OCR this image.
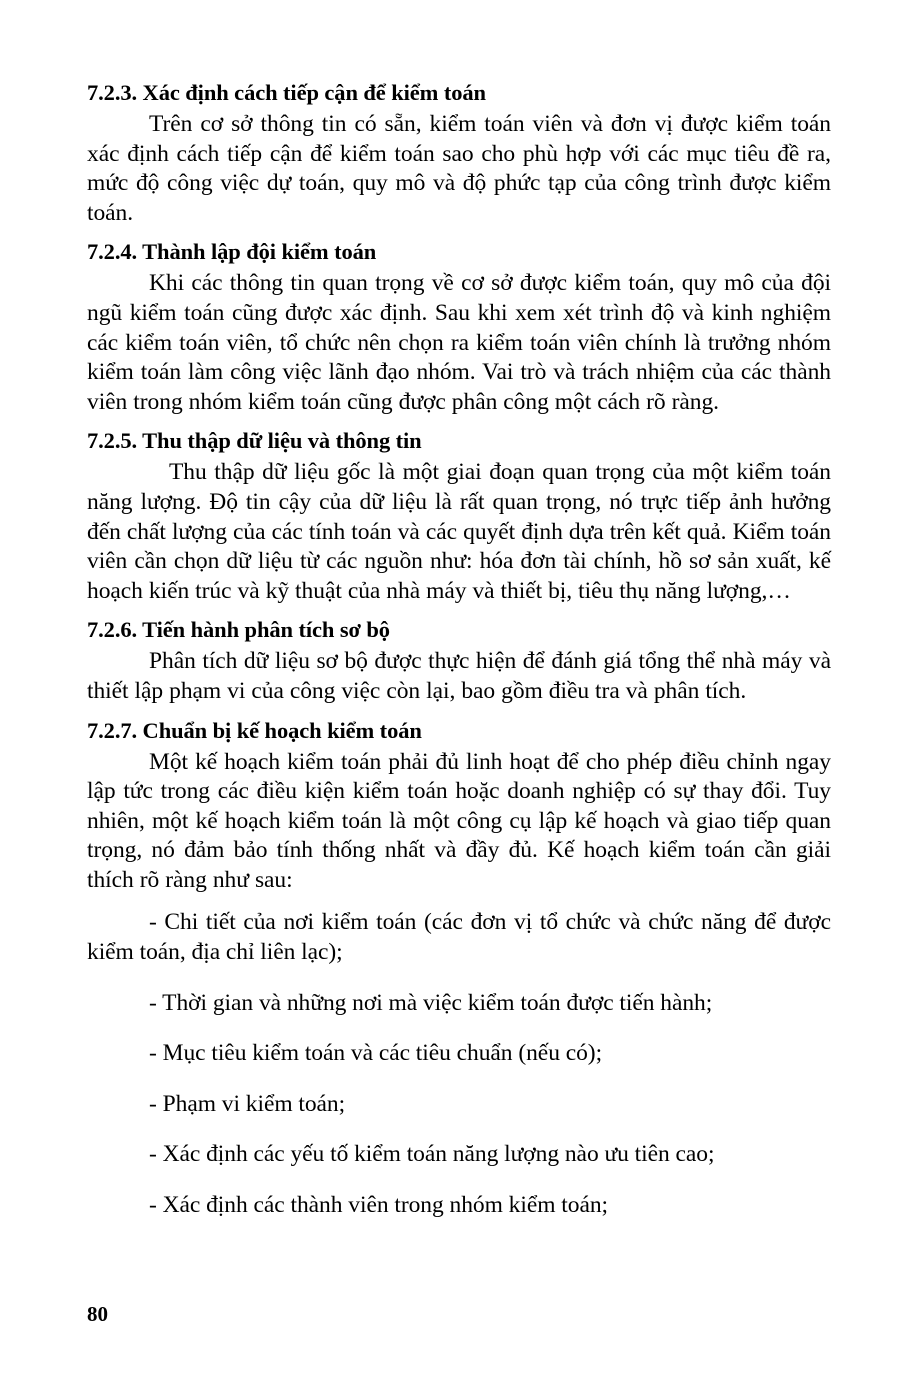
7.2.3. Xác định cách tiếp cận để kiểm toán

Trên cơ sở thông tin có sẵn, kiểm toán viên và đơn vị được kiểm toán xác định cách tiếp cận để kiểm toán sao cho phù hợp với các mục tiêu đề ra, mức độ công việc dự toán, quy mô và độ phức tạp của công trình được kiểm toán.

7.2.4. Thành lập đội kiểm toán

Khi các thông tin quan trọng về cơ sở được kiểm toán, quy mô của đội ngũ kiểm toán cũng được xác định. Sau khi xem xét trình độ và kinh nghiệm các kiểm toán viên, tổ chức nên chọn ra kiểm toán viên chính là trưởng nhóm kiểm toán làm công việc lãnh đạo nhóm. Vai trò và trách nhiệm của các thành viên trong nhóm kiểm toán cũng được phân công một cách rõ ràng.

7.2.5. Thu thập dữ liệu và thông tin

Thu thập dữ liệu gốc là một giai đoạn quan trọng của một kiểm toán năng lượng. Độ tin cậy của dữ liệu là rất quan trọng, nó trực tiếp ảnh hưởng đến chất lượng của các tính toán và các quyết định dựa trên kết quả. Kiểm toán viên cần chọn dữ liệu từ các nguồn như: hóa đơn tài chính, hồ sơ sản xuất, kế hoạch kiến trúc và kỹ thuật của nhà máy và thiết bị, tiêu thụ năng lượng,…

7.2.6. Tiến hành phân tích sơ bộ

Phân tích dữ liệu sơ bộ được thực hiện để đánh giá tổng thể nhà máy và thiết lập phạm vi của công việc còn lại, bao gồm điều tra và phân tích.

7.2.7. Chuẩn bị kế hoạch kiểm toán

Một kế hoạch kiểm toán phải đủ linh hoạt để cho phép điều chỉnh ngay lập tức trong các điều kiện kiểm toán hoặc doanh nghiệp có sự thay đổi. Tuy nhiên, một kế hoạch kiểm toán là một công cụ lập kế hoạch và giao tiếp quan trọng, nó đảm bảo tính thống nhất và đầy đủ. Kế hoạch kiểm toán cần giải thích rõ ràng như sau:

- Chi tiết của nơi kiểm toán (các đơn vị tổ chức và chức năng để được kiểm toán, địa chỉ liên lạc);
- Thời gian và những nơi mà việc kiểm toán được tiến hành;
- Mục tiêu kiểm toán và các tiêu chuẩn (nếu có);
- Phạm vi kiểm toán;
- Xác định các yếu tố kiểm toán năng lượng nào ưu tiên cao;
- Xác định các thành viên trong nhóm kiểm toán;
80
